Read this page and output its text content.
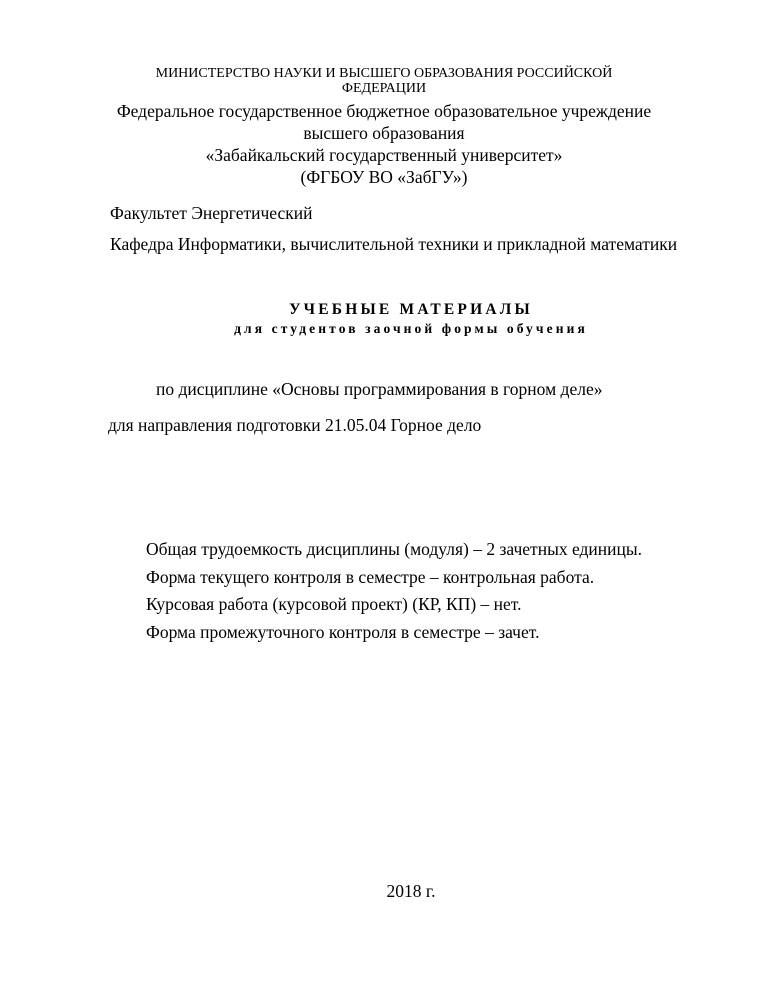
МИНИСТЕРСТВО НАУКИ И ВЫСШЕГО ОБРАЗОВАНИЯ РОССИЙСКОЙ
ФЕДЕРАЦИИ
Федеральное государственное бюджетное образовательное учреждение
высшего образования
«Забайкальский государственный университет»
(ФГБОУ ВО «ЗабГУ»)
Факультет Энергетический
Кафедра Информатики, вычислительной техники и прикладной математики
УЧЕБНЫЕ МАТЕРИАЛЫ
для студентов заочной формы обучения
по дисциплине «Основы программирования в горном деле»
для направления подготовки 21.05.04 Горное дело
Общая трудоемкость дисциплины (модуля) – 2 зачетных единицы.
Форма текущего контроля в семестре – контрольная работа.
Курсовая работа (курсовой проект) (КР, КП) – нет.
Форма промежуточного контроля в семестре – зачет.
2018 г.
